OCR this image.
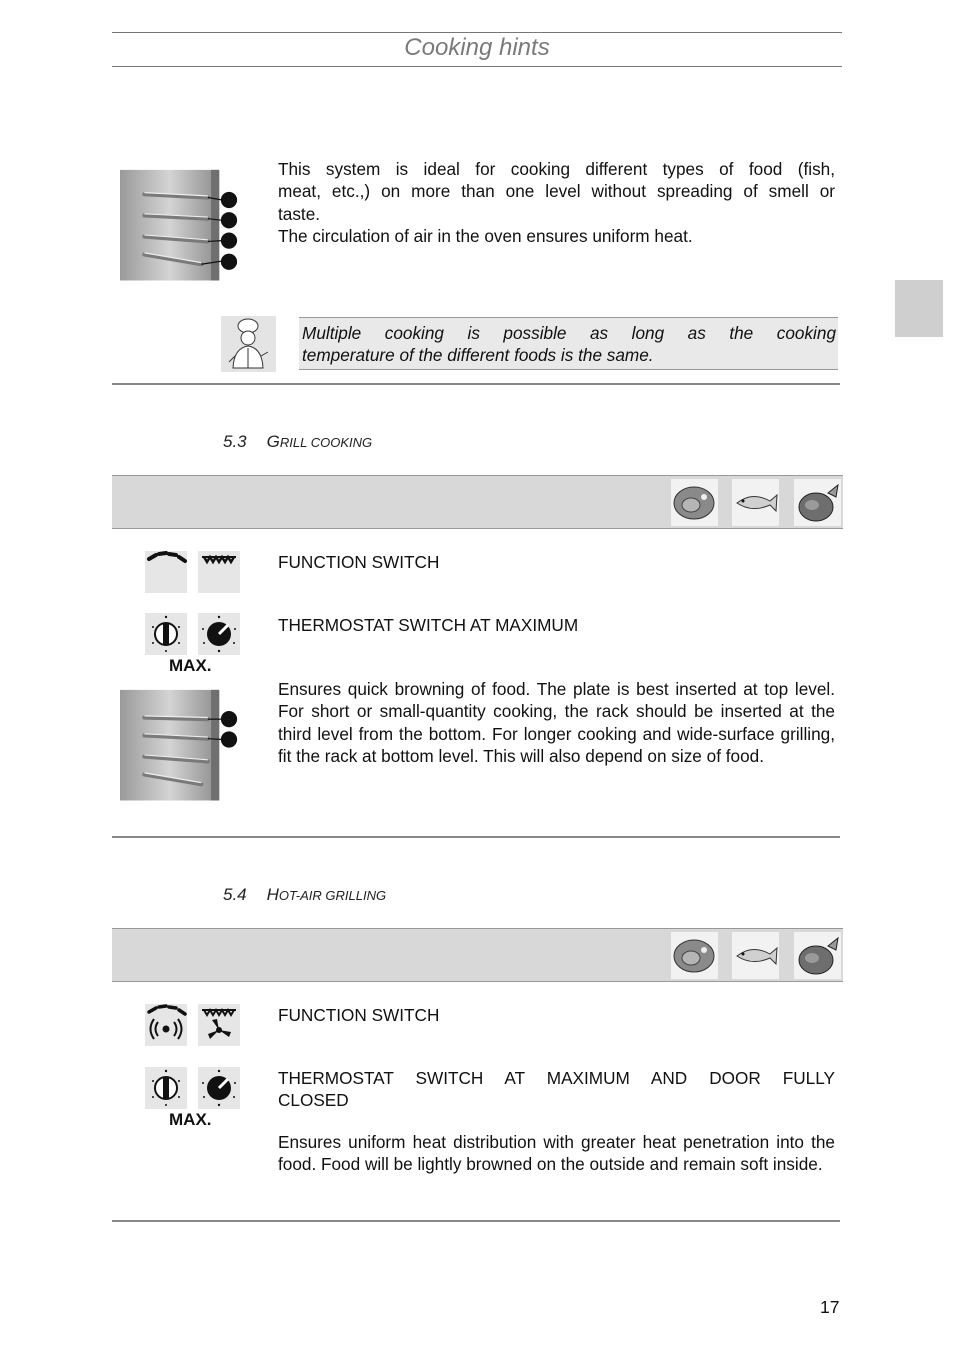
Cooking hints
4
3
2
1
This system is ideal for cooking different types of food (fish,
meat, etc.,) on more than one level without spreading of smell or
taste.
The circulation of air in the oven ensures uniform heat.
Multiple cooking is possible as long as the cooking
temperature of the different foods is the same.
5.3 GRILL COOKING
FUNCTION SWITCH
MAX.
THERMOSTAT SWITCH AT MAXIMUM
4
3
Ensures quick browning of food. The plate is best inserted at top level. For short or small-quantity cooking, the rack should be inserted at the third level from the bottom. For longer cooking and wide-surface grilling, fit the rack at bottom level. This will also depend on size of food.
5.4 HOT-AIR GRILLING
FUNCTION SWITCH
MAX.
THERMOSTAT SWITCH AT MAXIMUM AND DOOR FULLY
CLOSED
Ensures uniform heat distribution with greater heat penetration into the food. Food will be lightly browned on the outside and remain soft inside.
17
